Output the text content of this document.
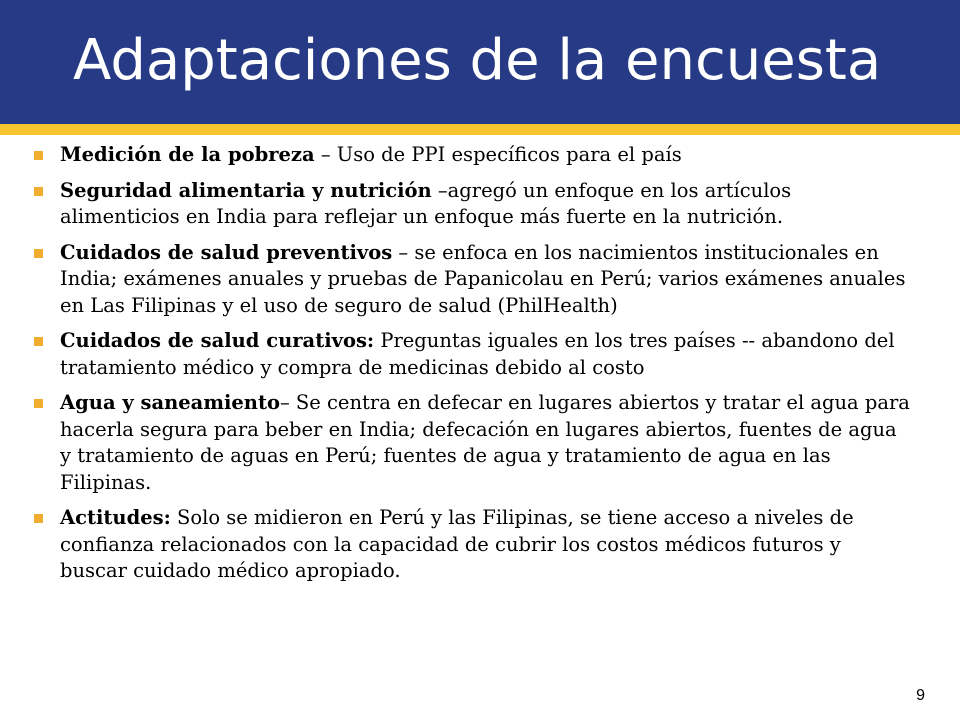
Adaptaciones de la encuesta
Medición de la pobreza – Uso de PPI específicos para el país
Seguridad alimentaria y nutrición –agregó un enfoque en los artículos alimenticios en India para reflejar un enfoque más fuerte en la nutrición.
Cuidados de salud preventivos – se enfoca en los nacimientos institucionales en India; exámenes anuales y pruebas de Papanicolau en Perú; varios exámenes anuales en Las Filipinas y el uso de seguro de salud (PhilHealth)
Cuidados de salud curativos: Preguntas iguales en los tres países -- abandono del tratamiento médico y compra de medicinas debido al costo
Agua y saneamiento– Se centra en defecar en lugares abiertos y tratar el agua para hacerla segura para beber en India; defecación en lugares abiertos, fuentes de agua y tratamiento de aguas en Perú; fuentes de agua y tratamiento de agua en las Filipinas.
Actitudes: Solo se midieron en Perú y las Filipinas, se tiene acceso a niveles de confianza relacionados con la capacidad de cubrir los costos médicos futuros y buscar cuidado médico apropiado.
9
